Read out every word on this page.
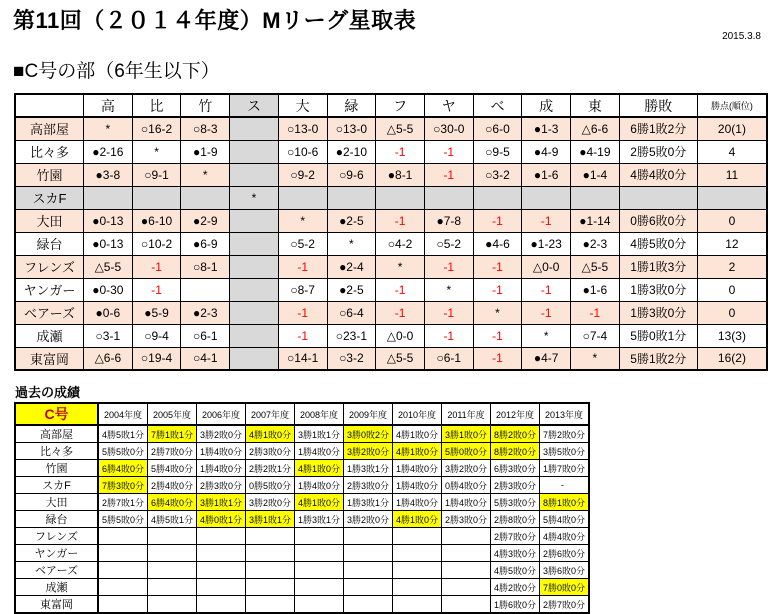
第11回（２０１４年度）Mリーグ星取表
2015.3.8
■C号の部（6年生以下）
	高	比	竹	ス	大	緑	フ	ヤ	ベ	成	東	勝敗	勝点(順位)
高部屋	*	○16-2	○8-3		○13-0	○13-0	△5-5	○30-0	○6-0	●1-3	△6-6	6勝1敗2分	20(1)
比々多	●2-16	*	●1-9		○10-6	●2-10	-1	-1	○9-5	●4-9	●4-19	2勝5敗0分	4
竹園	●3-8	○9-1	*		○9-2	○9-6	●8-1	-1	○3-2	●1-6	●1-4	4勝4敗0分	11
スカF				*									
大田	●0-13	●6-10	●2-9		*	●2-5	-1	●7-8	-1	-1	●1-14	0勝6敗0分	0
緑台	●0-13	○10-2	●6-9		○5-2	*	○4-2	○5-2	●4-6	●1-23	●2-3	4勝5敗0分	12
フレンズ	△5-5	-1	○8-1		-1	●2-4	*	-1	-1	△0-0	△5-5	1勝1敗3分	2
ヤンガー	●0-30	-1			○8-7	●2-5	-1	*	-1	-1	●1-6	1勝3敗0分	0
ベアーズ	●0-6	●5-9	●2-3		-1	○6-4	-1	-1	*	-1	-1	1勝3敗0分	0
成瀬	○3-1	○9-4	○6-1		-1	○23-1	△0-0	-1	-1	*	○7-4	5勝0敗1分	13(3)
東富岡	△6-6	○19-4	○4-1		○14-1	○3-2	△5-5	○6-1	-1	●4-7	*	5勝1敗2分	16(2)
過去の成績
C号	2004年度	2005年度	2006年度	2007年度	2008年度	2009年度	2010年度	2011年度	2012年度	2013年度
高部屋	4勝5敗1分	7勝1敗1分	3勝2敗0分	4勝1敗0分	3勝1敗1分	3勝0敗2分	4勝1敗0分	3勝1敗0分	8勝2敗0分	7勝2敗0分
比々多	5勝5敗0分	2勝7敗0分	1勝4敗0分	2勝3敗0分	1勝4敗0分	3勝2敗0分	4勝1敗0分	5勝0敗0分	8勝2敗0分	3勝5敗0分
竹園	6勝4敗0分	5勝4敗0分	1勝4敗0分	2勝2敗1分	4勝1敗0分	1勝3敗1分	1勝4敗0分	3勝2敗0分	6勝3敗0分	1勝7敗0分
スカF	7勝3敗0分	2勝4敗0分	2勝3敗0分	0勝5敗0分	1勝4敗0分	2勝3敗0分	1勝4敗0分	0勝4敗0分	2勝3敗0分	-
大田	2勝7敗1分	6勝4敗0分	3勝1敗1分	3勝2敗0分	4勝1敗0分	1勝3敗1分	1勝4敗0分	1勝4敗0分	5勝3敗0分	8勝1敗0分
緑台	5勝5敗0分	4勝5敗1分	4勝0敗1分	3勝1敗1分	1勝3敗1分	3勝2敗0分	4勝1敗0分	2勝3敗0分	2勝8敗0分	5勝4敗0分
フレンズ									2勝7敗0分	4勝4敗0分
ヤンガー									4勝3敗0分	2勝6敗0分
ベアーズ									4勝5敗0分	3勝6敗0分
成瀬									4勝2敗0分	7勝0敗0分
東富岡									1勝6敗0分	2勝7敗0分
